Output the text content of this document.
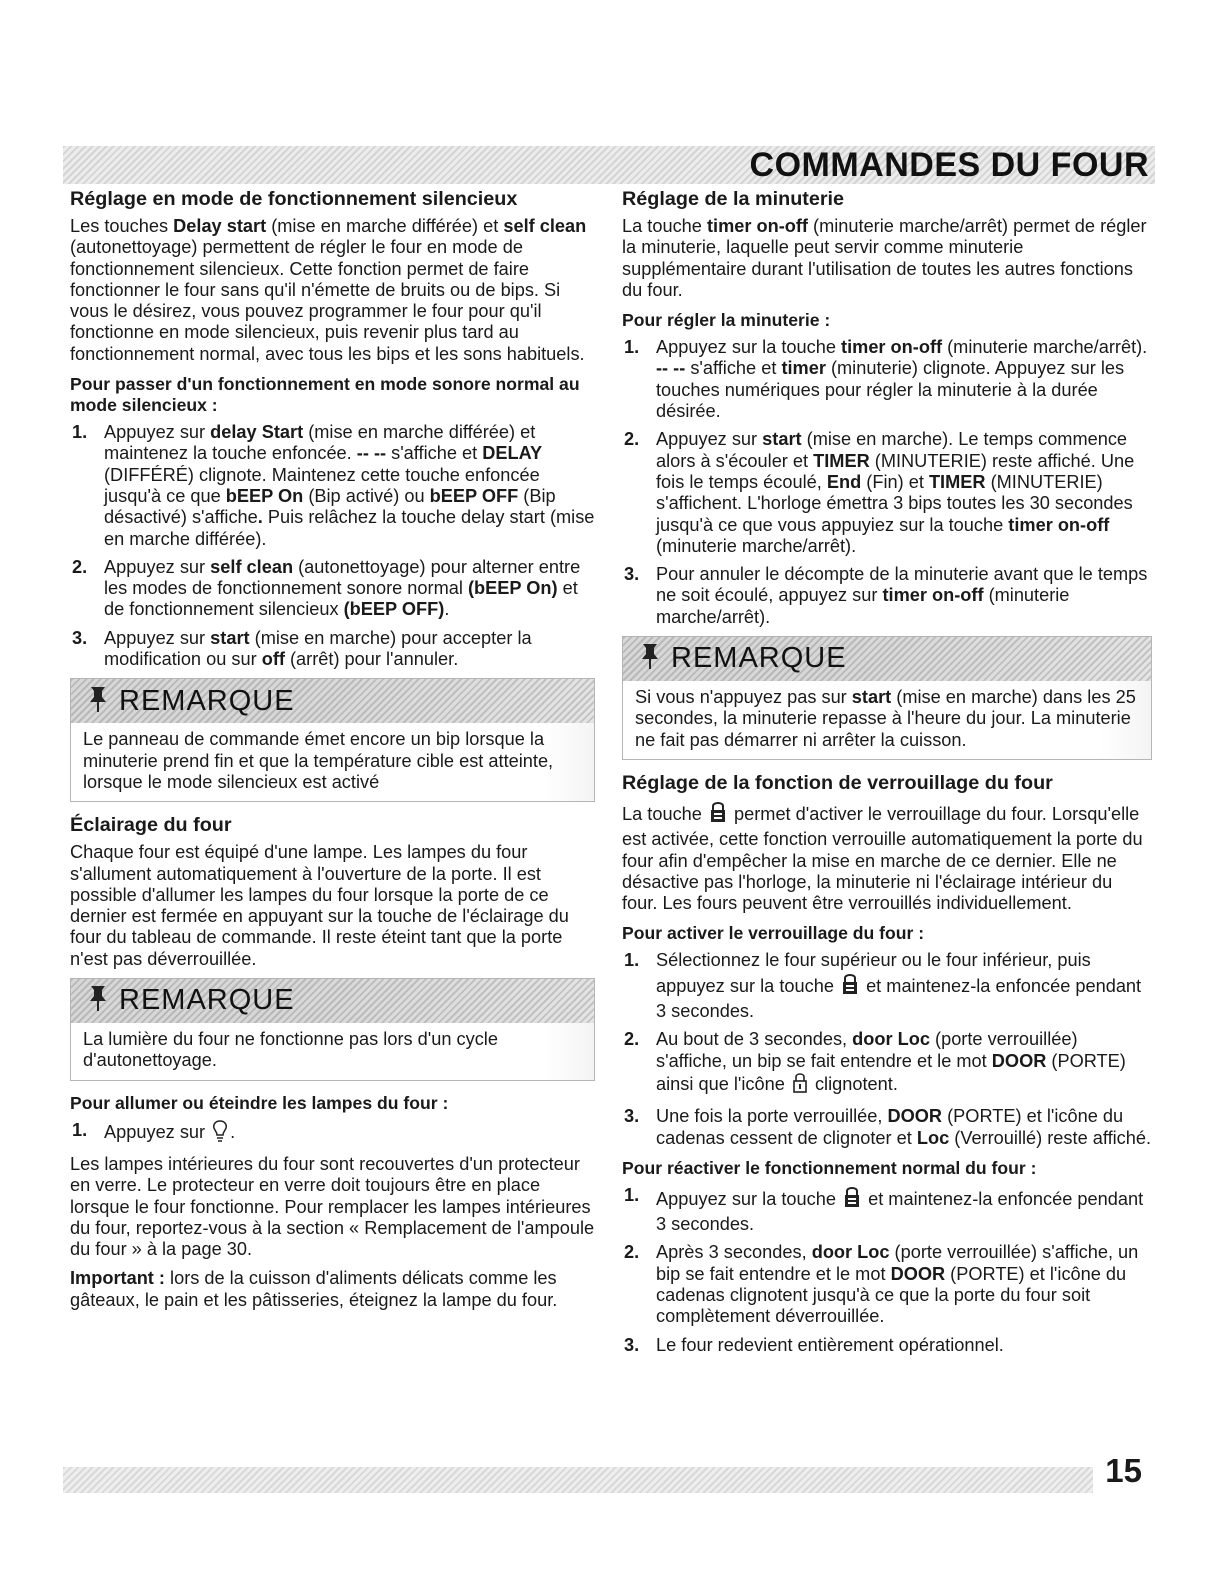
COMMANDES DU FOUR
Réglage en mode de fonctionnement silencieux

Les touches Delay start (mise en marche différée) et self clean (autonettoyage) permettent de régler le four en mode de fonctionnement silencieux. Cette fonction permet de faire fonctionner le four sans qu'il n'émette de bruits ou de bips. Si vous le désirez, vous pouvez programmer le four pour qu'il fonctionne en mode silencieux, puis revenir plus tard au fonctionnement normal, avec tous les bips et les sons habituels.

Pour passer d'un fonctionnement en mode sonore normal au mode silencieux :
1. Appuyez sur delay Start (mise en marche différée) et maintenez la touche enfoncée. -- -- s'affiche et DELAY (DIFFÉRÉ) clignote. Maintenez cette touche enfoncée jusqu'à ce que bEEP On (Bip activé) ou bEEP OFF (Bip désactivé) s'affiche. Puis relâchez la touche delay start (mise en marche différée).
2. Appuyez sur self clean (autonettoyage) pour alterner entre les modes de fonctionnement sonore normal (bEEP On) et de fonctionnement silencieux (bEEP OFF).
3. Appuyez sur start (mise en marche) pour accepter la modification ou sur off (arrêt) pour l'annuler.
REMARQUE
Le panneau de commande émet encore un bip lorsque la minuterie prend fin et que la température cible est atteinte, lorsque le mode silencieux est activé
Éclairage du four

Chaque four est équipé d'une lampe. Les lampes du four s'allument automatiquement à l'ouverture de la porte. Il est possible d'allumer les lampes du four lorsque la porte de ce dernier est fermée en appuyant sur la touche de l'éclairage du four du tableau de commande. Il reste éteint tant que la porte n'est pas déverrouillée.

REMARQUE
La lumière du four ne fonctionne pas lors d'un cycle d'autonettoyage.
Pour allumer ou éteindre les lampes du four :
1. Appuyez sur .

Les lampes intérieures du four sont recouvertes d'un protecteur en verre. Le protecteur en verre doit toujours être en place lorsque le four fonctionne. Pour remplacer les lampes intérieures du four, reportez-vous à la section « Remplacement de l'ampoule du four » à la page 30.

Important : lors de la cuisson d'aliments délicats comme les gâteaux, le pain et les pâtisseries, éteignez la lampe du four.

Réglage de la minuterie

La touche timer on-off (minuterie marche/arrêt) permet de régler la minuterie, laquelle peut servir comme minuterie supplémentaire durant l'utilisation de toutes les autres fonctions du four.

Pour régler la minuterie :
1. Appuyez sur la touche timer on-off (minuterie marche/arrêt). -- -- s'affiche et timer (minuterie) clignote. Appuyez sur les touches numériques pour régler la minuterie à la durée désirée.
2. Appuyez sur start (mise en marche). Le temps commence alors à s'écouler et TIMER (MINUTERIE) reste affiché. Une fois le temps écoulé, End (Fin) et TIMER (MINUTERIE) s'affichent. L'horloge émettra 3 bips toutes les 30 secondes jusqu'à ce que vous appuyiez sur la touche timer on-off (minuterie marche/arrêt).
3. Pour annuler le décompte de la minuterie avant que le temps ne soit écoulé, appuyez sur timer on-off (minuterie marche/arrêt).
REMARQUE
Si vous n'appuyez pas sur start (mise en marche) dans les 25 secondes, la minuterie repasse à l'heure du jour. La minuterie ne fait pas démarrer ni arrêter la cuisson.
Réglage de la fonction de verrouillage du four

La touche  permet d'activer le verrouillage du four. Lorsqu'elle est activée, cette fonction verrouille automatiquement la porte du four afin d'empêcher la mise en marche de ce dernier. Elle ne désactive pas l'horloge, la minuterie ni l'éclairage intérieur du four. Les fours peuvent être verrouillés individuellement.

Pour activer le verrouillage du four :
1. Sélectionnez le four supérieur ou le four inférieur, puis appuyez sur la touche  et maintenez-la enfoncée pendant 3 secondes.
2. Au bout de 3 secondes, door Loc (porte verrouillée) s'affiche, un bip se fait entendre et le mot DOOR (PORTE) ainsi que l'icône  clignotent.
3. Une fois la porte verrouillée, DOOR (PORTE) et l'icône du cadenas cessent de clignoter et Loc (Verrouillé) reste affiché.
Pour réactiver le fonctionnement normal du four :
1. Appuyez sur la touche  et maintenez-la enfoncée pendant 3 secondes.
2. Après 3 secondes, door Loc (porte verrouillée) s'affiche, un bip se fait entendre et le mot DOOR (PORTE) et l'icône du cadenas clignotent jusqu'à ce que la porte du four soit complètement déverrouillée.
3. Le four redevient entièrement opérationnel.
15
